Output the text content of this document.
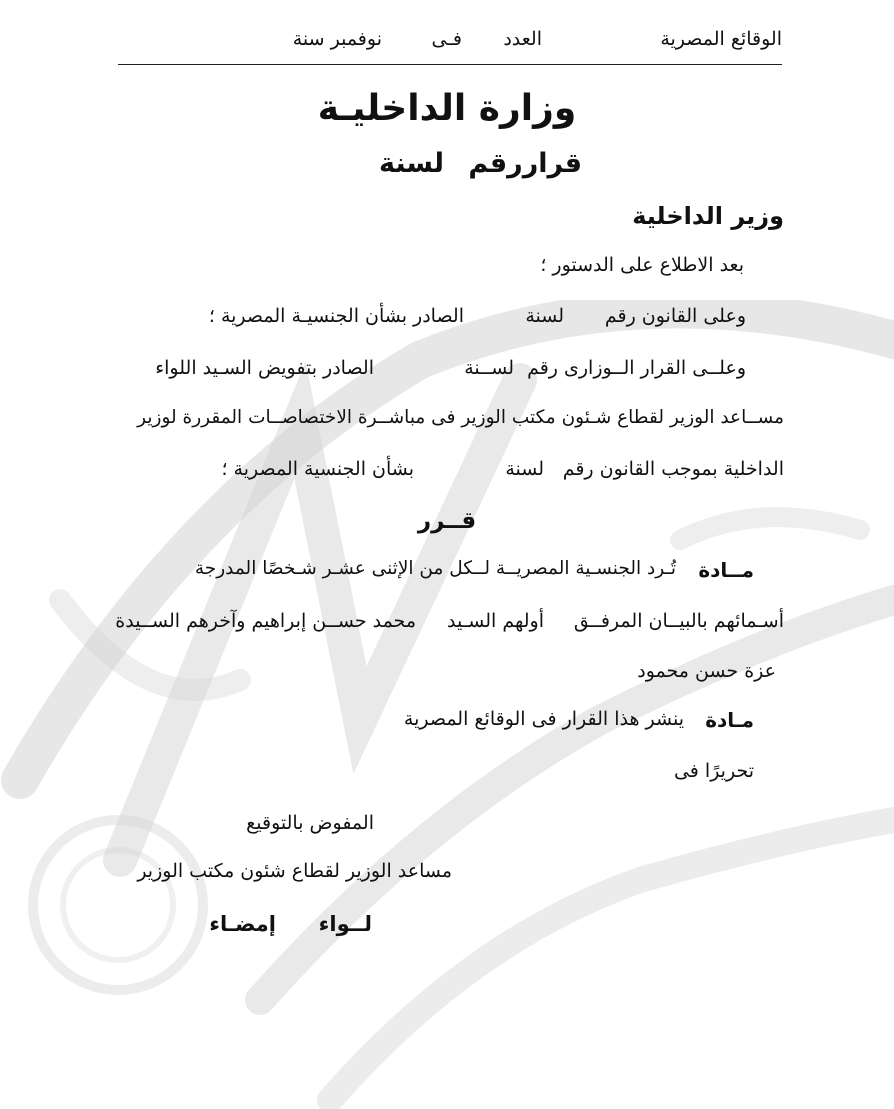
الوقائع المصرية
العدد
فـى
نوفمبر سنة
وزارة الداخليـة
قراررقم
لسنة
وزير الداخلية
بعد الاطلاع على الدستور ؛
وعلى القانون رقم
لسنة
الصادر بشأن الجنسيـة المصرية ؛
وعلــى القرار الــوزارى رقم
لســنة
الصادر بتفويض السـيد اللواء
مســاعد الوزير لقطاع شـئون مكتب الوزير فى مباشــرة الاختصاصــات المقررة لوزير
الداخلية بموجب القانون رقم
لسنة
بشأن الجنسية المصرية ؛
قــرر
مــادة
تُـرد الجنسـية المصريــة لــكل من الإثنى عشـر شـخصًا المدرجة
أسـمائهم بالبيــان المرفــق
أولهم السـيد
محمد حســن إبراهيم وآخرهم الســيدة
عزة حسن محمود
مـادة
ينشر هذا القرار فى الوقائع المصرية
تحريرًا فى
المفوض بالتوقيع
مساعد الوزير لقطاع شئون مكتب الوزير
لــواء
إمضـاء
